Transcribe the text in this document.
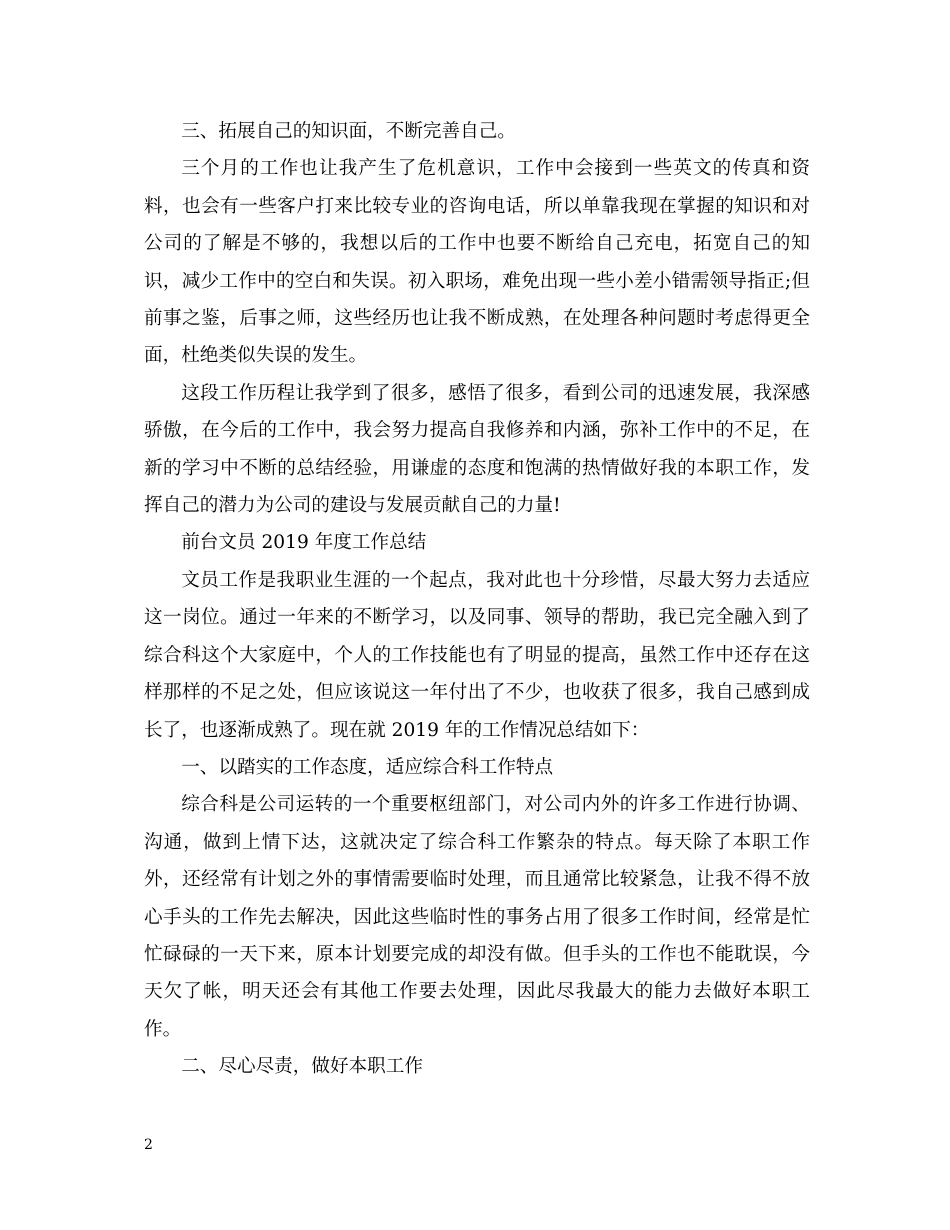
三、拓展自己的知识面，不断完善自己。

三个月的工作也让我产生了危机意识，工作中会接到一些英文的传真和资料，也会有一些客户打来比较专业的咨询电话，所以单靠我现在掌握的知识和对公司的了解是不够的，我想以后的工作中也要不断给自己充电，拓宽自己的知识，减少工作中的空白和失误。初入职场，难免出现一些小差小错需领导指正;但前事之鉴，后事之师，这些经历也让我不断成熟，在处理各种问题时考虑得更全面，杜绝类似失误的发生。

这段工作历程让我学到了很多，感悟了很多，看到公司的迅速发展，我深感骄傲，在今后的工作中，我会努力提高自我修养和内涵，弥补工作中的不足，在新的学习中不断的总结经验，用谦虚的态度和饱满的热情做好我的本职工作，发挥自己的潜力为公司的建设与发展贡献自己的力量!

前台文员 2019 年度工作总结

文员工作是我职业生涯的一个起点，我对此也十分珍惜，尽最大努力去适应这一岗位。通过一年来的不断学习，以及同事、领导的帮助，我已完全融入到了综合科这个大家庭中，个人的工作技能也有了明显的提高，虽然工作中还存在这样那样的不足之处，但应该说这一年付出了不少，也收获了很多，我自己感到成长了，也逐渐成熟了。现在就 2019 年的工作情况总结如下：

一、以踏实的工作态度，适应综合科工作特点

综合科是公司运转的一个重要枢纽部门，对公司内外的许多工作进行协调、沟通，做到上情下达，这就决定了综合科工作繁杂的特点。每天除了本职工作外，还经常有计划之外的事情需要临时处理，而且通常比较紧急，让我不得不放心手头的工作先去解决，因此这些临时性的事务占用了很多工作时间，经常是忙忙碌碌的一天下来，原本计划要完成的却没有做。但手头的工作也不能耽误，今天欠了帐，明天还会有其他工作要去处理，因此尽我最大的能力去做好本职工作。

二、尽心尽责，做好本职工作

2
